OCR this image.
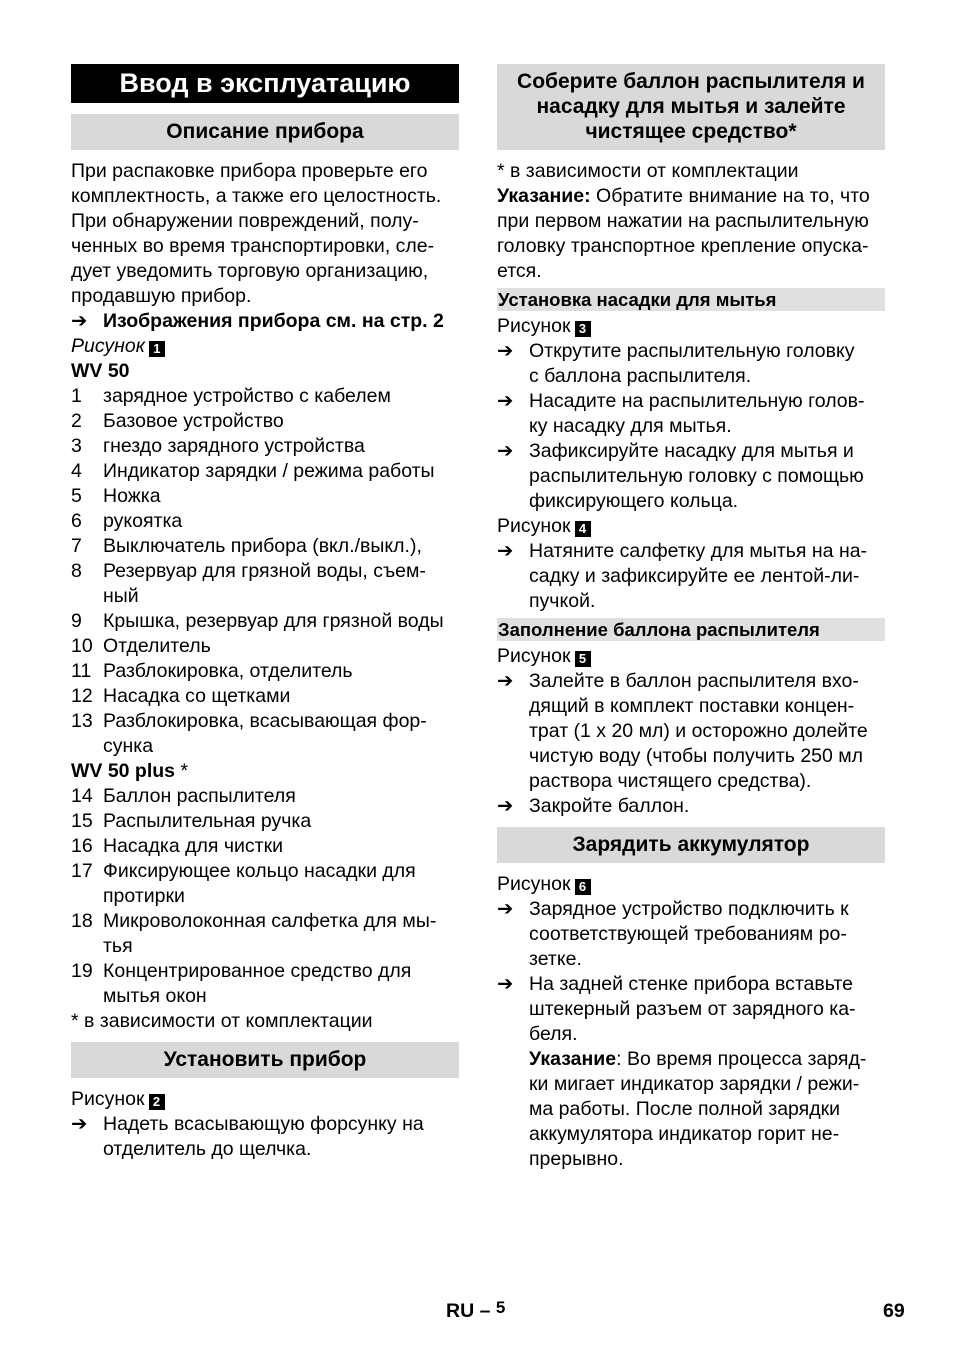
Ввод в эксплуатацию
Описание прибора

При распаковке прибора проверьте его

комплектность, а также его целостность.

При обнаружении повреждений, полу-

ченных во время транспортировки, сле-

дует уведомить торговую организацию,

продавшую прибор.

➔ Изображения прибора см. на стр. 2

Рисунок 1

WV 50

1 зарядное устройство с кабелем

2 Базовое устройство

3 гнездо зарядного устройства

4 Индикатор зарядки / режима работы

5 Ножка

6 рукоятка

7 Выключатель прибора (вкл./выкл.),

8 Резервуар для грязной воды, съем-

ный

9 Крышка, резервуар для грязной воды

10 Отделитель

11 Разблокировка, отделитель

12 Насадка со щетками

13 Разблокировка, всасывающая фор-

сунка

WV 50 plus *

14 Баллон распылителя

15 Распылительная ручка

16 Насадка для чистки

17 Фиксирующее кольцо насадки для

протирки

18 Микроволоконная салфетка для мы-

тья

19 Концентрированное средство для

мытья окон

* в зависимости от комплектации

Установить прибор

Рисунок 2

➔ Надеть всасывающую форсунку на

отделитель до щелчка.

Соберите баллон распылителя и
насадку для мытья и залейте
чистящее средство*

* в зависимости от комплектации

Указание: Обратите внимание на то, что

при первом нажатии на распылительную

головку транспортное крепление опуска-

ется.

Установка насадки для мытья

Рисунок 3

➔ Открутите распылительную головку

с баллона распылителя.

➔ Насадите на распылительную голов-

ку насадку для мытья.

➔ Зафиксируйте насадку для мытья и

распылительную головку с помощью

фиксирующего кольца.

Рисунок 4

➔ Натяните салфетку для мытья на на-

садку и зафиксируйте ее лентой-ли-

пучкой.

Заполнение баллона распылителя

Рисунок 5

➔ Залейте в баллон распылителя вхо-

дящий в комплект поставки концен-

трат (1 x 20 мл) и осторожно долейте

чистую воду (чтобы получить 250 мл

раствора чистящего средства).

➔ Закройте баллон.

Зарядить аккумулятор

Рисунок 6

➔ Зарядное устройство подключить к

соответствующей требованиям ро-

зетке.

➔ На задней стенке прибора вставьте

штекерный разъем от зарядного ка-

беля.

Указание: Во время процесса заряд-

ки мигает индикатор зарядки / режи-

ма работы. После полной зарядки

аккумулятора индикатор горит не-

прерывно.

RU – $^5$	69
